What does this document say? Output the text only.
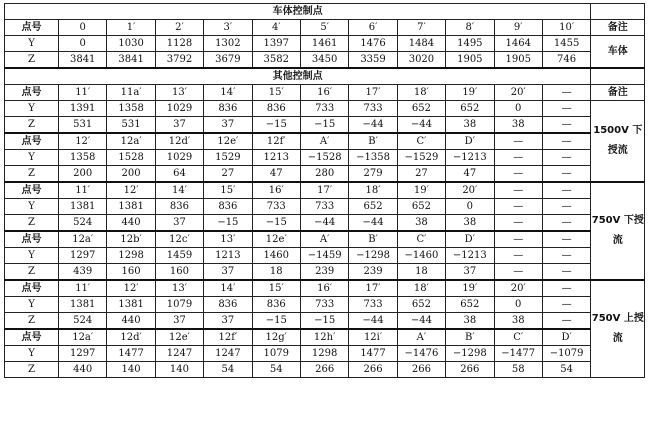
车体控制点												
点号	0	1′	2′	3′	4′	5′	6′	7′	8′	9′	10′	备注
Y	0	1030	1128	1302	1397	1461	1476	1484	1495	1464	1455	车体
Z	3841	3841	3792	3679	3582	3450	3359	3020	1905	1905	746	
其他控制点												
点号	11′	11a′	13′	14′	15′	16′	17′	18′	19′	20′	—	备注
Y	1391	1358	1029	836	836	733	733	652	652	0	—	1500V 下授流
Z	531	531	37	37	−15	−15	−44	−44	38	38	—	
点号	12′	12a′	12d′	12e′	12f′	A′	B′	C′	D′	—	—	
Y	1358	1528	1029	1529	1213	−1528	−1358	−1529	−1213	—	—	
Z	200	200	64	27	47	280	279	27	47	—	—	
点号	11′	12′	14′	15′	16′	17′	18′	19′	20′	—	—	750V 下授流
Y	1381	1381	836	836	733	733	652	652	0	—	—	
Z	524	440	37	−15	−15	−44	−44	38	38	—	—	
点号	12a′	12b′	12c′	13′	12e′	A′	B′	C′	D′	—	—	
Y	1297	1298	1459	1213	1460	−1459	−1298	−1460	−1213	—	—	
Z	439	160	160	37	18	239	239	18	37	—	—	
点号	11′	12′	13′	14′	15′	16′	17′	18′	19′	20′	—	750V 上授流
Y	1381	1381	1079	836	836	733	733	652	652	0	—	
Z	524	440	37	37	−15	−15	−44	−44	38	38	—	
点号	12a′	12d′	12e′	12f′	12g′	12h′	12i′	A′	B′	C′	D′	
Y	1297	1477	1247	1247	1079	1298	1477	−1476	−1298	−1477	−1079	
Z	440	140	140	54	54	266	266	266	266	58	54	
